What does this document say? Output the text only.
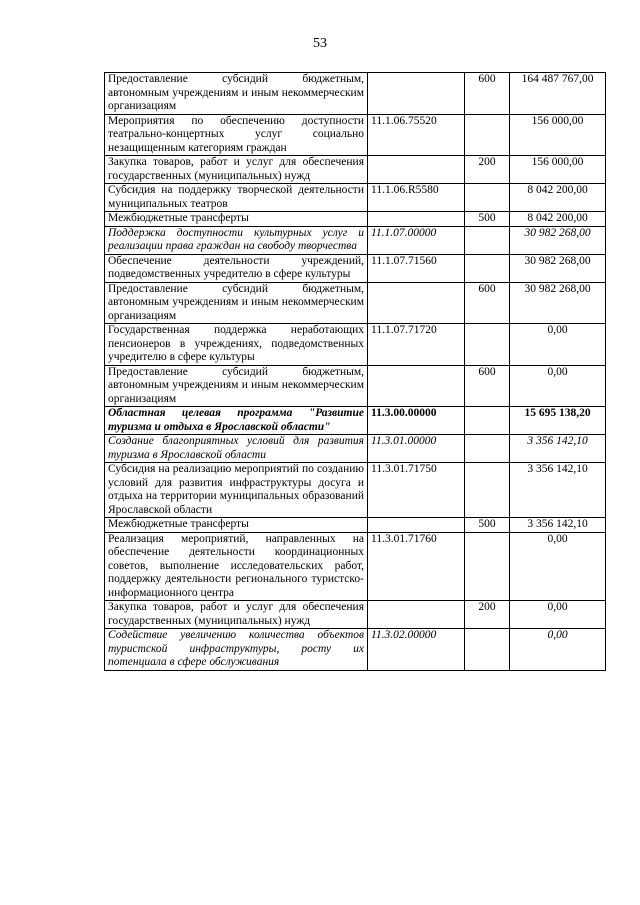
53
Предоставление субсидий бюджетным, автономным учреждениям и иным некоммерческим организациям		600	164 487 767,00
Мероприятия по обеспечению доступности театрально-концертных услуг социально незащищенным категориям граждан	11.1.06.75520		156 000,00
Закупка товаров, работ и услуг для обеспечения государственных (муниципальных) нужд		200	156 000,00
Субсидия на поддержку творческой деятельности муниципальных театров	11.1.06.R5580		8 042 200,00
Межбюджетные трансферты		500	8 042 200,00
Поддержка доступности культурных услуг и реализации права граждан на свободу творчества	11.1.07.00000		30 982 268,00
Обеспечение деятельности учреждений, подведомственных учредителю в сфере культуры	11.1.07.71560		30 982 268,00
Предоставление субсидий бюджетным, автономным учреждениям и иным некоммерческим организациям		600	30 982 268,00
Государственная поддержка неработающих пенсионеров в учреждениях, подведомственных учредителю в сфере культуры	11.1.07.71720		0,00
Предоставление субсидий бюджетным, автономным учреждениям и иным некоммерческим организациям		600	0,00
Областная целевая программа "Развитие туризма и отдыха в Ярославской области"	11.3.00.00000		15 695 138,20
Создание благоприятных условий для развития туризма в Ярославской области	11.3.01.00000		3 356 142,10
Субсидия на реализацию мероприятий по созданию условий для развития инфраструктуры досуга и отдыха на территории муниципальных образований Ярославской области	11.3.01.71750		3 356 142,10
Межбюджетные трансферты		500	3 356 142,10
Реализация мероприятий, направленных на обеспечение деятельности координационных советов, выполнение исследовательских работ, поддержку деятельности регионального туристско-информационного центра	11.3.01.71760		0,00
Закупка товаров, работ и услуг для обеспечения государственных (муниципальных) нужд		200	0,00
Содействие увеличению количества объектов туристской инфраструктуры, росту их потенциала в сфере обслуживания	11.3.02.00000		0,00
